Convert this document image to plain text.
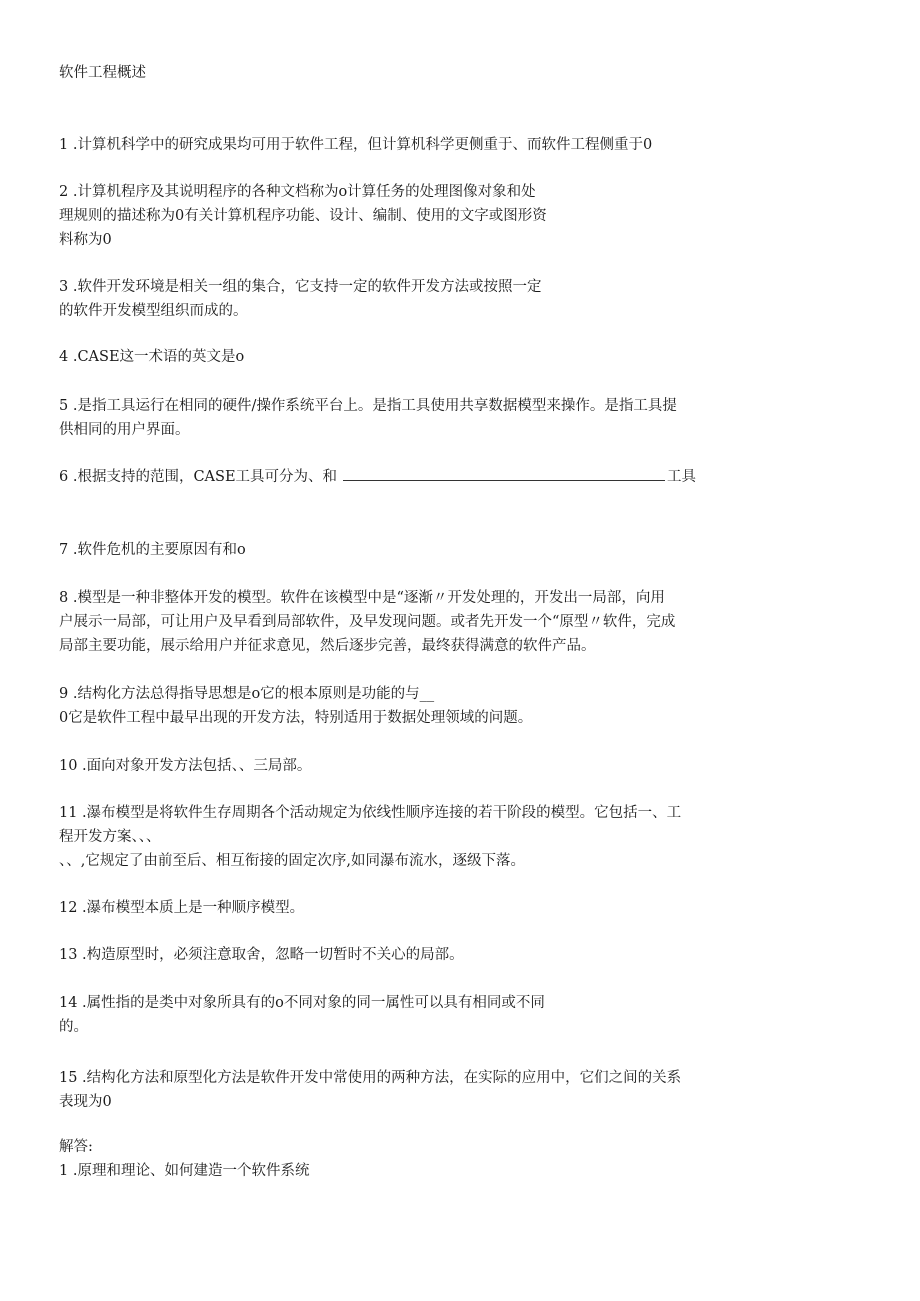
软件工程概述
1 .计算机科学中的研究成果均可用于软件工程，但计算机科学更侧重于、而软件工程侧重于0
2 .计算机程序及其说明程序的各种文档称为o计算任务的处理图像对象和处
理规则的描述称为0有关计算机程序功能、设计、编制、使用的文字或图形资
料称为0
3 .软件开发环境是相关一组的集合，它支持一定的软件开发方法或按照一定
的软件开发模型组织而成的。
4 .CASE这一术语的英文是o
5 .是指工具运行在相同的硬件/操作系统平台上。是指工具使用共享数据模型来操作。是指工具提
供相同的用户界面。
6 .根据支持的范围，CASE工具可分为、和	工具
7 .软件危机的主要原因有和o
8 .模型是一种非整体开发的模型。软件在该模型中是“逐渐〃开发处理的，开发出一局部，向用
户展示一局部，可让用户及早看到局部软件，及早发现问题。或者先开发一个“原型〃软件，完成
局部主要功能，展示给用户并征求意见，然后逐步完善，最终获得满意的软件产品。
9 .结构化方法总得指导思想是o它的根本原则是功能的与__
0它是软件工程中最早出现的开发方法，特别适用于数据处理领域的问题。
10 .面向对象开发方法包括、、三局部。
11 .瀑布模型是将软件生存周期各个活动规定为依线性顺序连接的若干阶段的模型。它包括一、工
程开发方案、、、
、、,它规定了由前至后、相互衔接的固定次序,如同瀑布流水，逐级下落。
12 .瀑布模型本质上是一种顺序模型。
13 .构造原型时，必须注意取舍，忽略一切暂时不关心的局部。
14 .属性指的是类中对象所具有的o不同对象的同一属性可以具有相同或不同
的。
15 .结构化方法和原型化方法是软件开发中常使用的两种方法，在实际的应用中，它们之间的关系
表现为0
解答:
1 .原理和理论、如何建造一个软件系统
